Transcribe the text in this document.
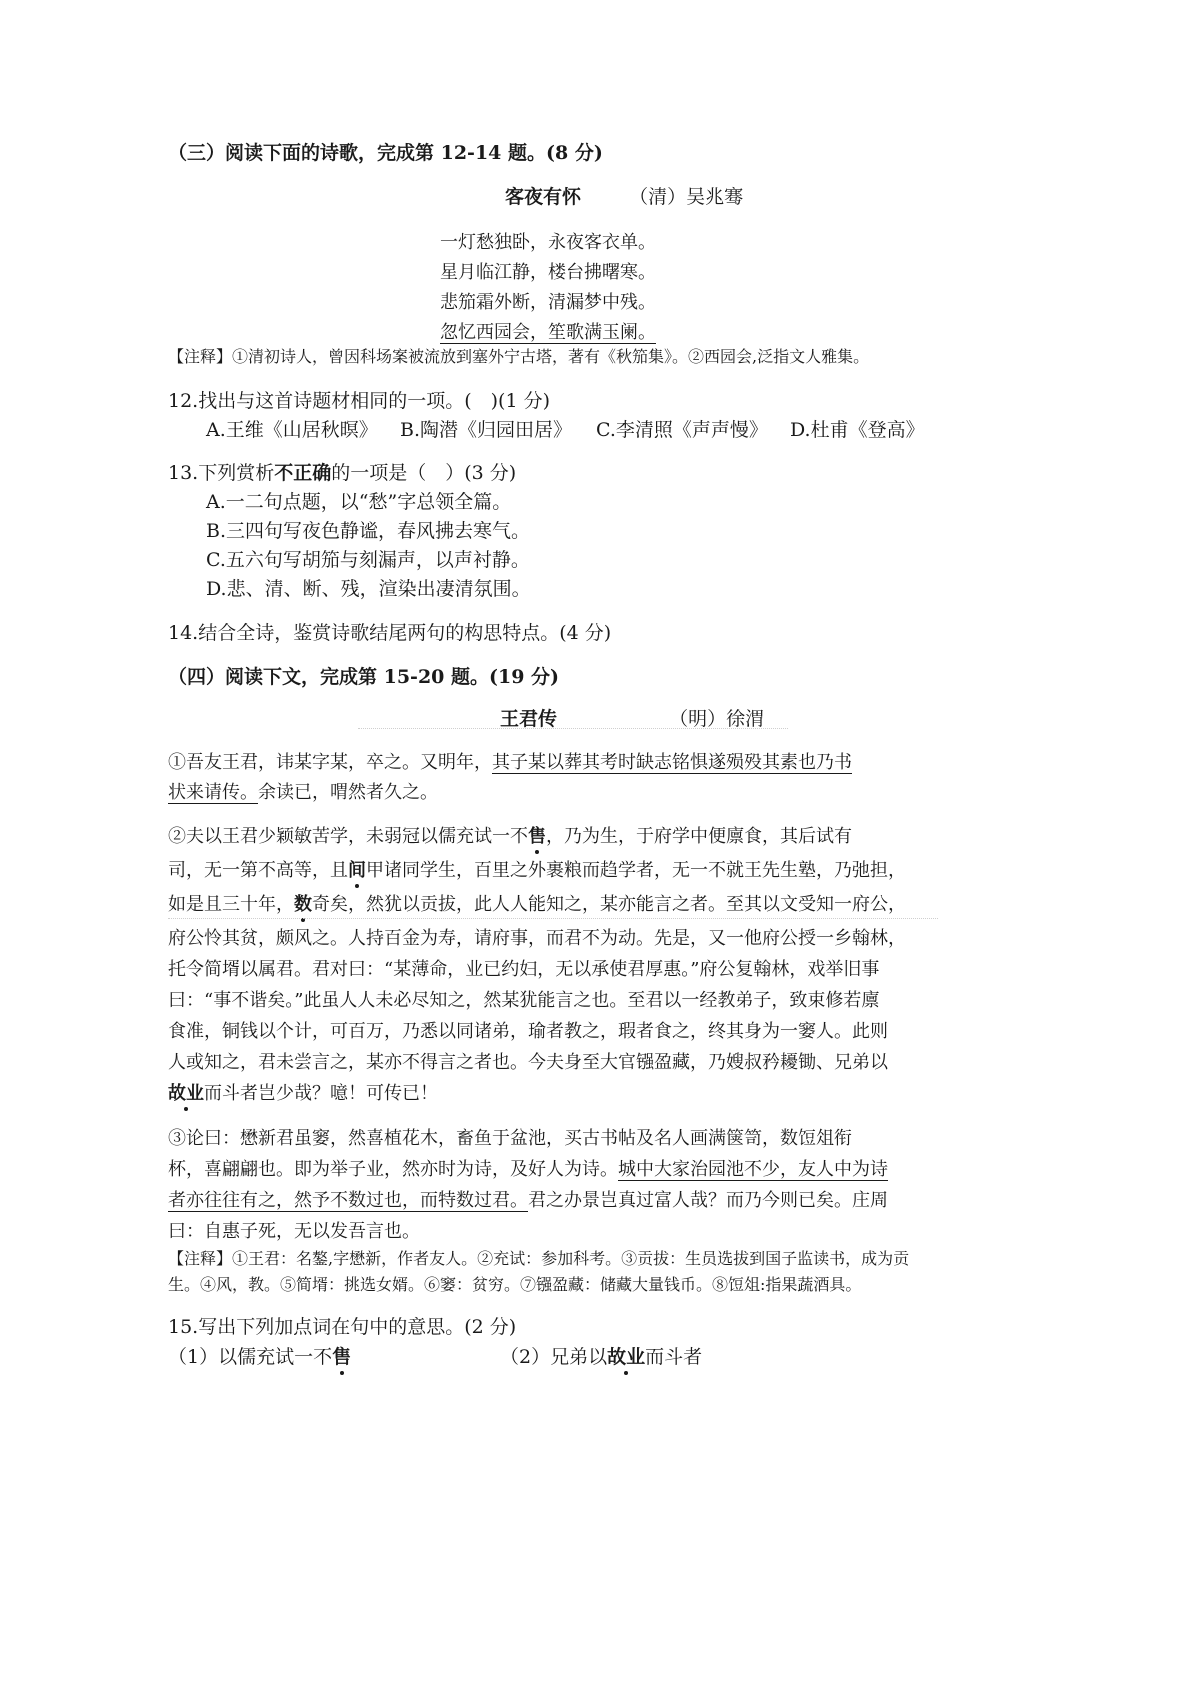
（三）阅读下面的诗歌，完成第 12-14 题。(8 分)
客夜有怀	（清）吴兆骞
一灯愁独卧，永夜客衣单。
星月临江静，楼台拂曙寒。
悲笳霜外断，清漏梦中残。
忽忆西园会，笙歌满玉阑。
【注释】①清初诗人，曾因科场案被流放到塞外宁古塔，著有《秋笳集》。②西园会,泛指文人雅集。
12.找出与这首诗题材相同的一项。(　)(1 分)
A.王维《山居秋暝》 B.陶潜《归园田居》 C.李清照《声声慢》 D.杜甫《登高》
13.下列赏析不正确的一项是（　）(3 分)
A.一二句点题，以“愁”字总领全篇。
B.三四句写夜色静谧，春风拂去寒气。
C.五六句写胡笳与刻漏声，以声衬静。
D.悲、清、断、残，渲染出凄清氛围。
14.结合全诗，鉴赏诗歌结尾两句的构思特点。(4 分)
（四）阅读下文，完成第 15-20 题。(19 分)
王君传	（明）徐渭
①吾友王君，讳某字某，卒之。又明年，其子某以葬其考时缺志铭惧遂殒殁其素也乃书
状来请传。余读已，喟然者久之。
②夫以王君少颖敏苦学，未弱冠以儒充试一不售，乃为生，于府学中便廪食，其后试有
司，无一第不高等，且间甲诸同学生，百里之外裹粮而趋学者，无一不就王先生塾，乃弛担，
如是且三十年，数奇矣，然犹以贡拔，此人人能知之，某亦能言之者。至其以文受知一府公，
府公怜其贫，颇风之。人持百金为寿，请府事，而君不为动。先是，又一他府公授一乡翰林，
托令简壻以属君。君对曰：“某薄命，业已约妇，无以承使君厚惠。”府公复翰林，戏举旧事
曰：“事不谐矣。”此虽人人未必尽知之，然某犹能言之也。至君以一经教弟子，致束修若廪
食准，铜钱以个计，可百万，乃悉以同诸弟，瑜者教之，瑕者食之，终其身为一窭人。此则
人或知之，君未尝言之，某亦不得言之者也。今夫身至大官镪盈藏，乃嫂叔矜耰锄、兄弟以
故业而斗者岂少哉？噫！可传已！
③论曰：懋新君虽窭，然喜植花木，畜鱼于盆池，买古书帖及名人画满箧笥，数饾俎衔
杯，喜翩翩也。即为举子业，然亦时为诗，及好人为诗。城中大家治园池不少，友人中为诗
者亦往往有之，然予不数过也，而特数过君。君之办景岂真过富人哉？而乃今则已矣。庄周
曰：自惠子死，无以发吾言也。
【注释】①王君：名鏊,字懋新，作者友人。②充试：参加科考。③贡拔：生员选拔到国子监读书，成为贡
生。④风，教。⑤简壻：挑选女婿。⑥窭：贫穷。⑦镪盈藏：储藏大量钱币。⑧饾俎:指果蔬酒具。
15.写出下列加点词在句中的意思。(2 分)
（1）以儒充试一不售	（2）兄弟以故业而斗者
